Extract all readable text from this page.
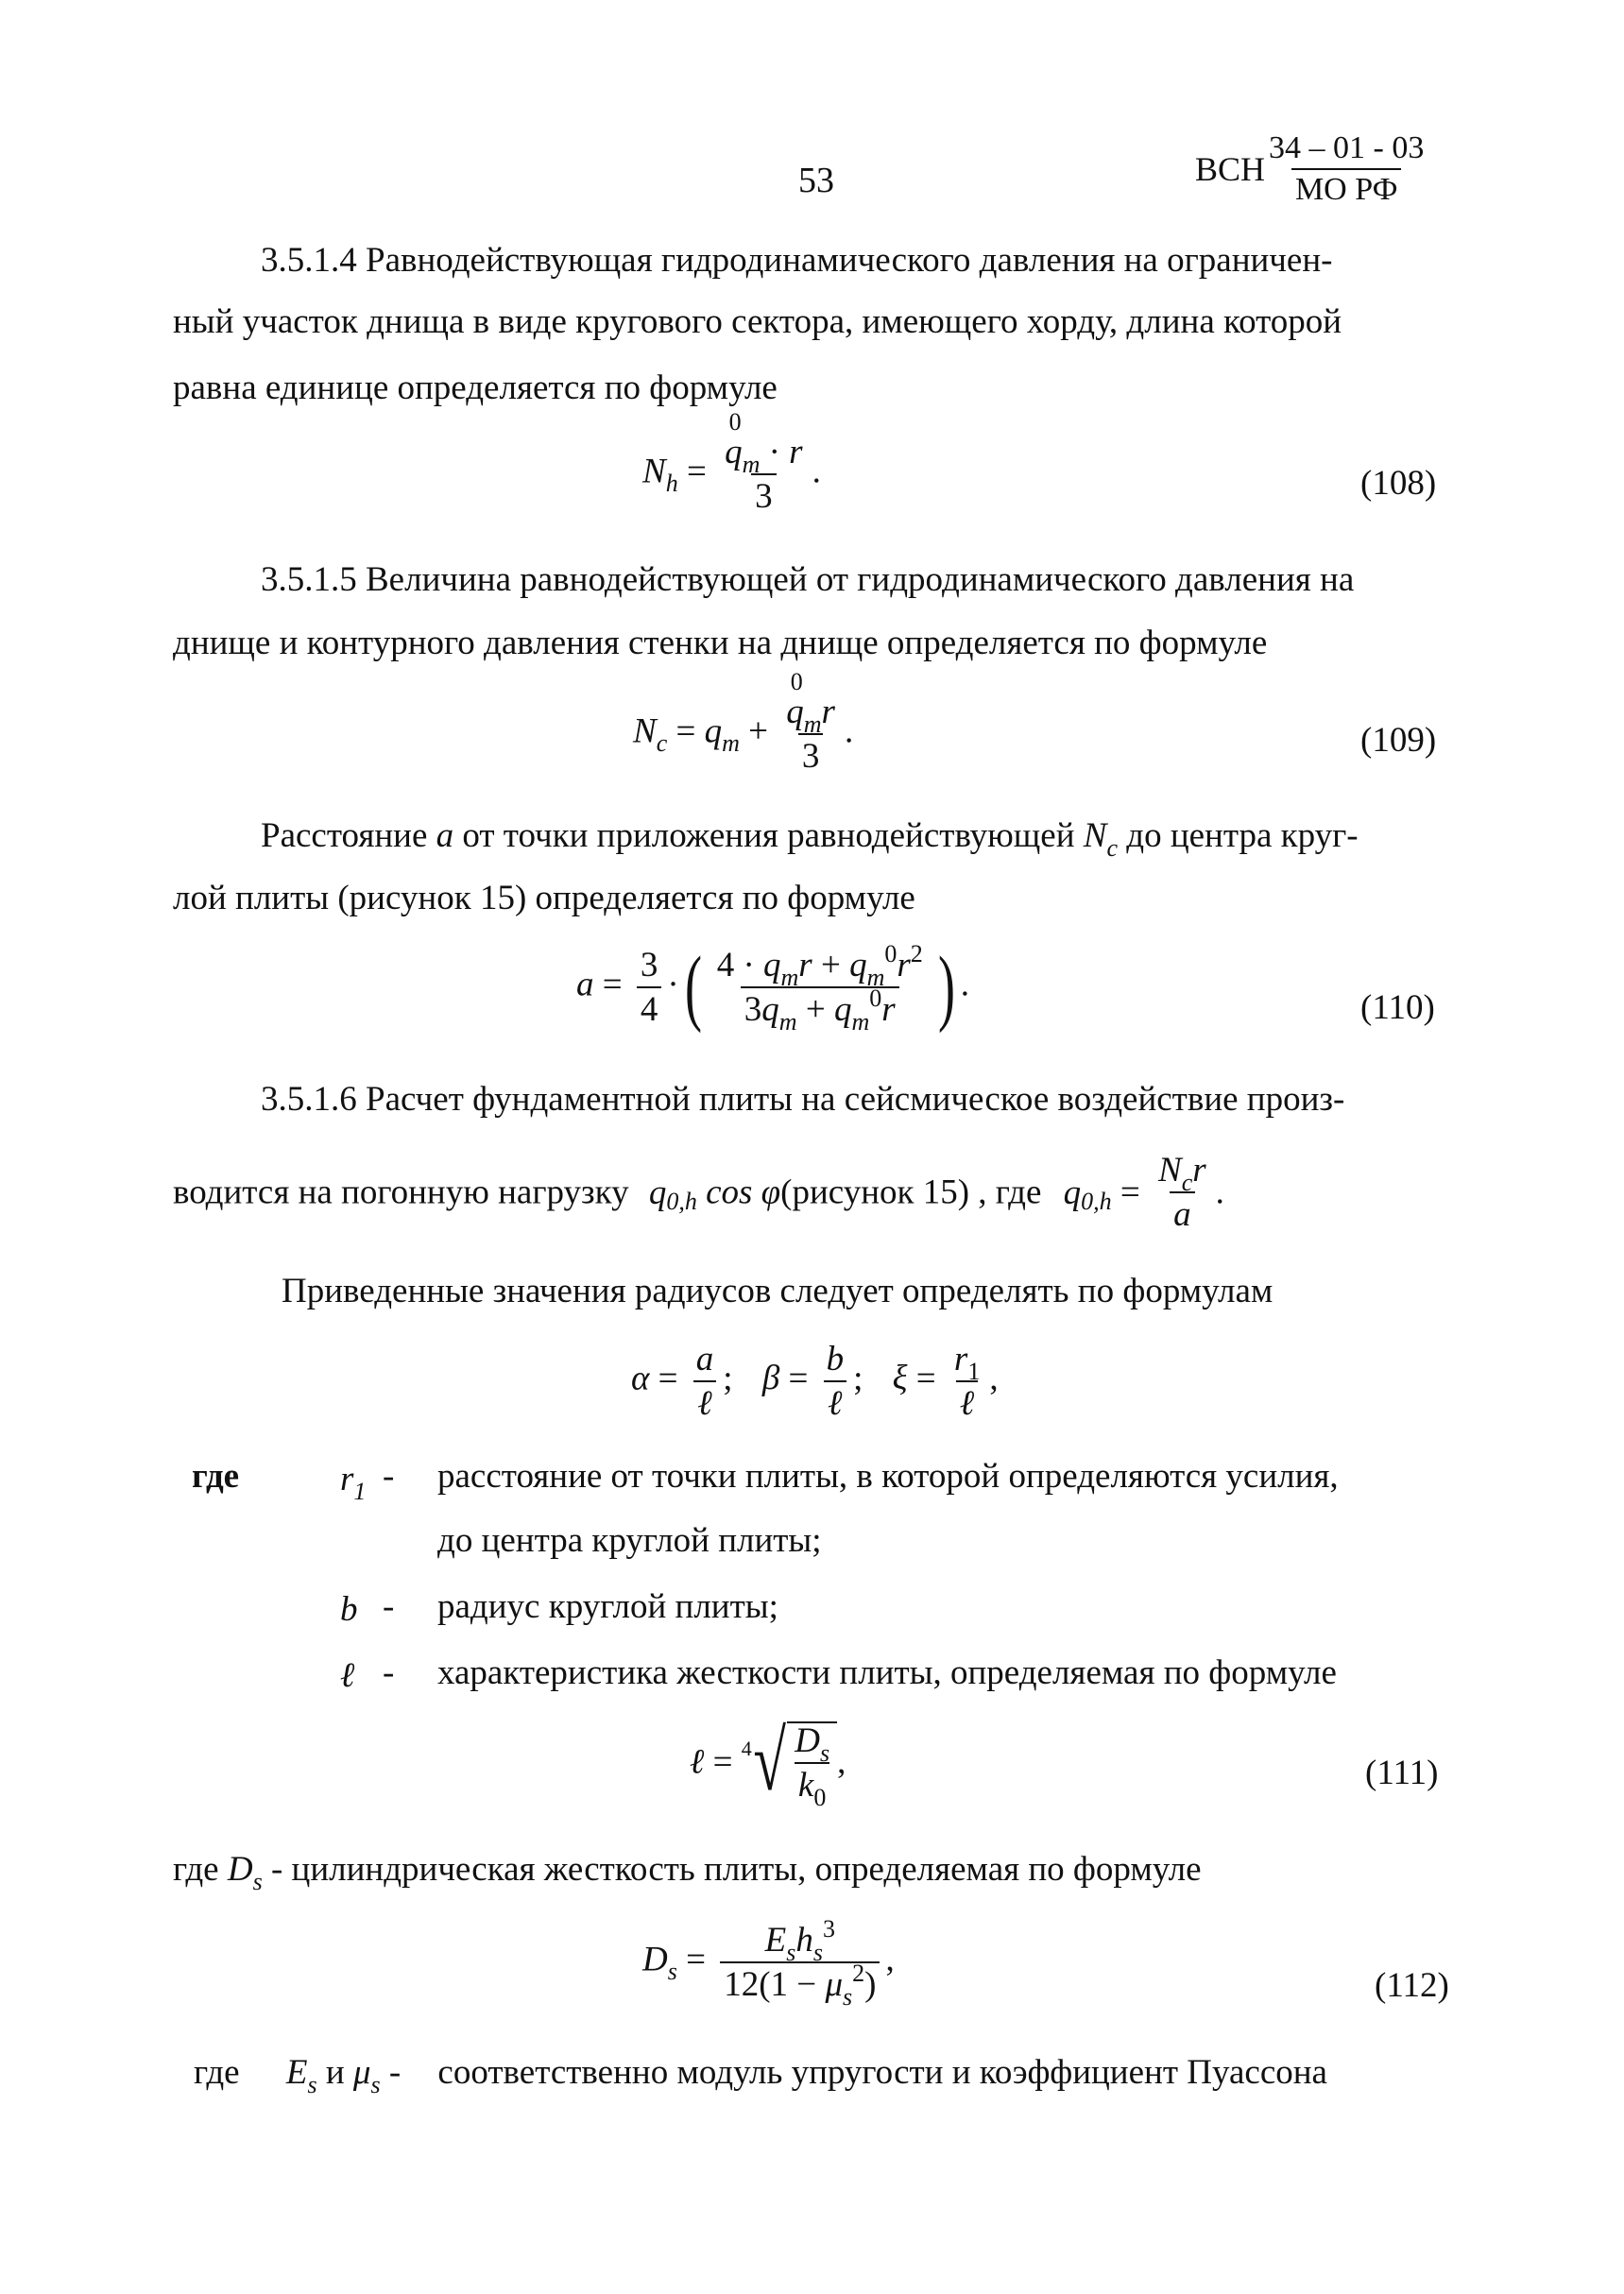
53	ВСН $\frac{34 - 01 - 03}{\text{МО РФ}}$
3.5.1.4 Равнодействующая гидродинамического давления на ограничен-
ный участок днища в виде кругового сектора, имеющего хорду, длина которой
равна единице определяется по формуле
$N_h = q$
0
$_m$ · r
3 .	(108)
3.5.1.5 Величина равнодействующей от гидродинамического давления на
днище и контурного давления стенки на днище определяется по формуле
$N_c = q_m + q$
0
$_m$r
3 .	(109)
Расстояние a от точки приложения равнодействующей $N_c$ до центра круг-
лой плиты (рисунок 15) определяется по формуле
$a = \frac{3}{4}$ ·( $\frac{4 \cdot q_mr + q_m^0r^2}{3q_m + q_m^0r}$ ) .
(110)
3.5.1.6 Расчет фундаментной плиты на сейсмическое воздействие произ-
водится на погонную нагрузку $q_{0,h}$ cos φ(рисунок 15) , где $q_{0,h} = \frac{N_cr}{a}$ .
Приведенные значения радиусов следует определять по формулам
$\alpha = \frac{a}{\text{ℓ}}$ ; $\beta = \frac{b}{\text{ℓ}}$ ; $\xi = \frac{r_1}{\text{ℓ}}$ ,
где	$r_1$ - расстояние от точки плиты, в которой определяются усилия,
до центра круглой плиты;
b - радиус круглой плиты;
ℓ - характеристика жесткости плиты, определяемая по формуле
ℓ = 4 √ $\frac{D_s}{k_0}$ ,	(111)
где $D_s$ - цилиндрическая жесткость плиты, определяемая по формуле
$D_s = \frac{E_sh_s^3}{12(1 - \mu_s^2)}$ ,
(112)
где $E_s$ и $\mu_s$ - соответственно модуль упругости и коэффициент Пуассона
